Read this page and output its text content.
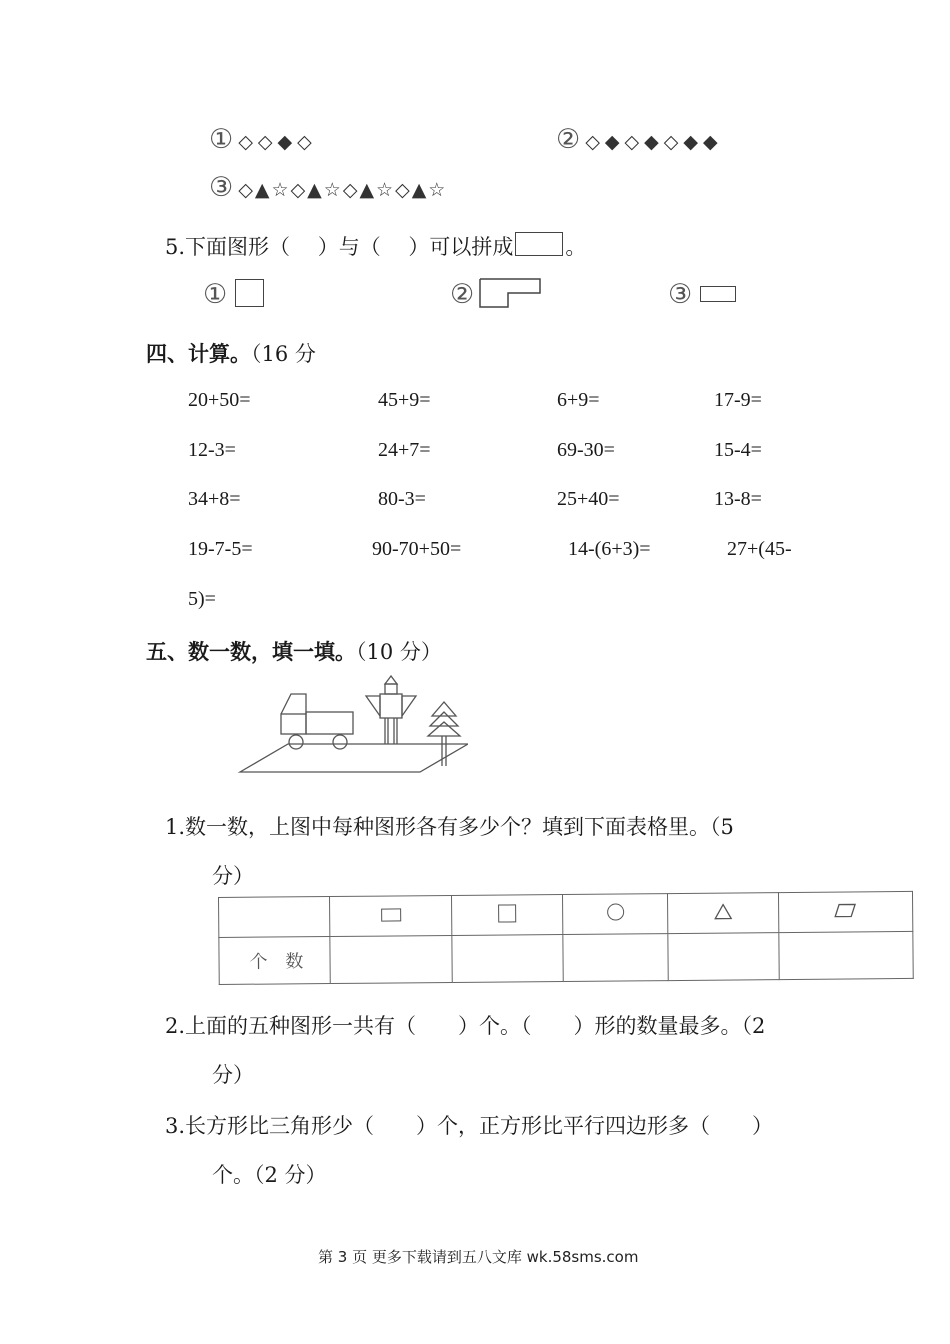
① ◇◇◆◇	② ◇◆◇◆◇◆◆
③ ◇▲☆◇▲☆◇▲☆◇▲☆
5.下面图形（　 ）与（　 ）可以拼成 。
①	②	③
四、计算。（16 分
20+50=	45+9=	6+9=	17-9=
12-3=	24+7=	69-30=	15-4=
34+8=	80-3=	25+40=	13-8=
19-7-5=	90-70+50=	14-(6+3)=	27+(45-
5)=
五、数一数，填一填。（10 分）
1.数一数，上图中每种图形各有多少个？填到下面表格里。（5
分）

个 数					
2.上面的五种图形一共有（　　）个。（　　）形的数量最多。（2
分）
3.长方形比三角形少（　　）个，正方形比平行四边形多（　　）
个。（2 分）
第 3 页 更多下载请到五八文库 wk.58sms.com
